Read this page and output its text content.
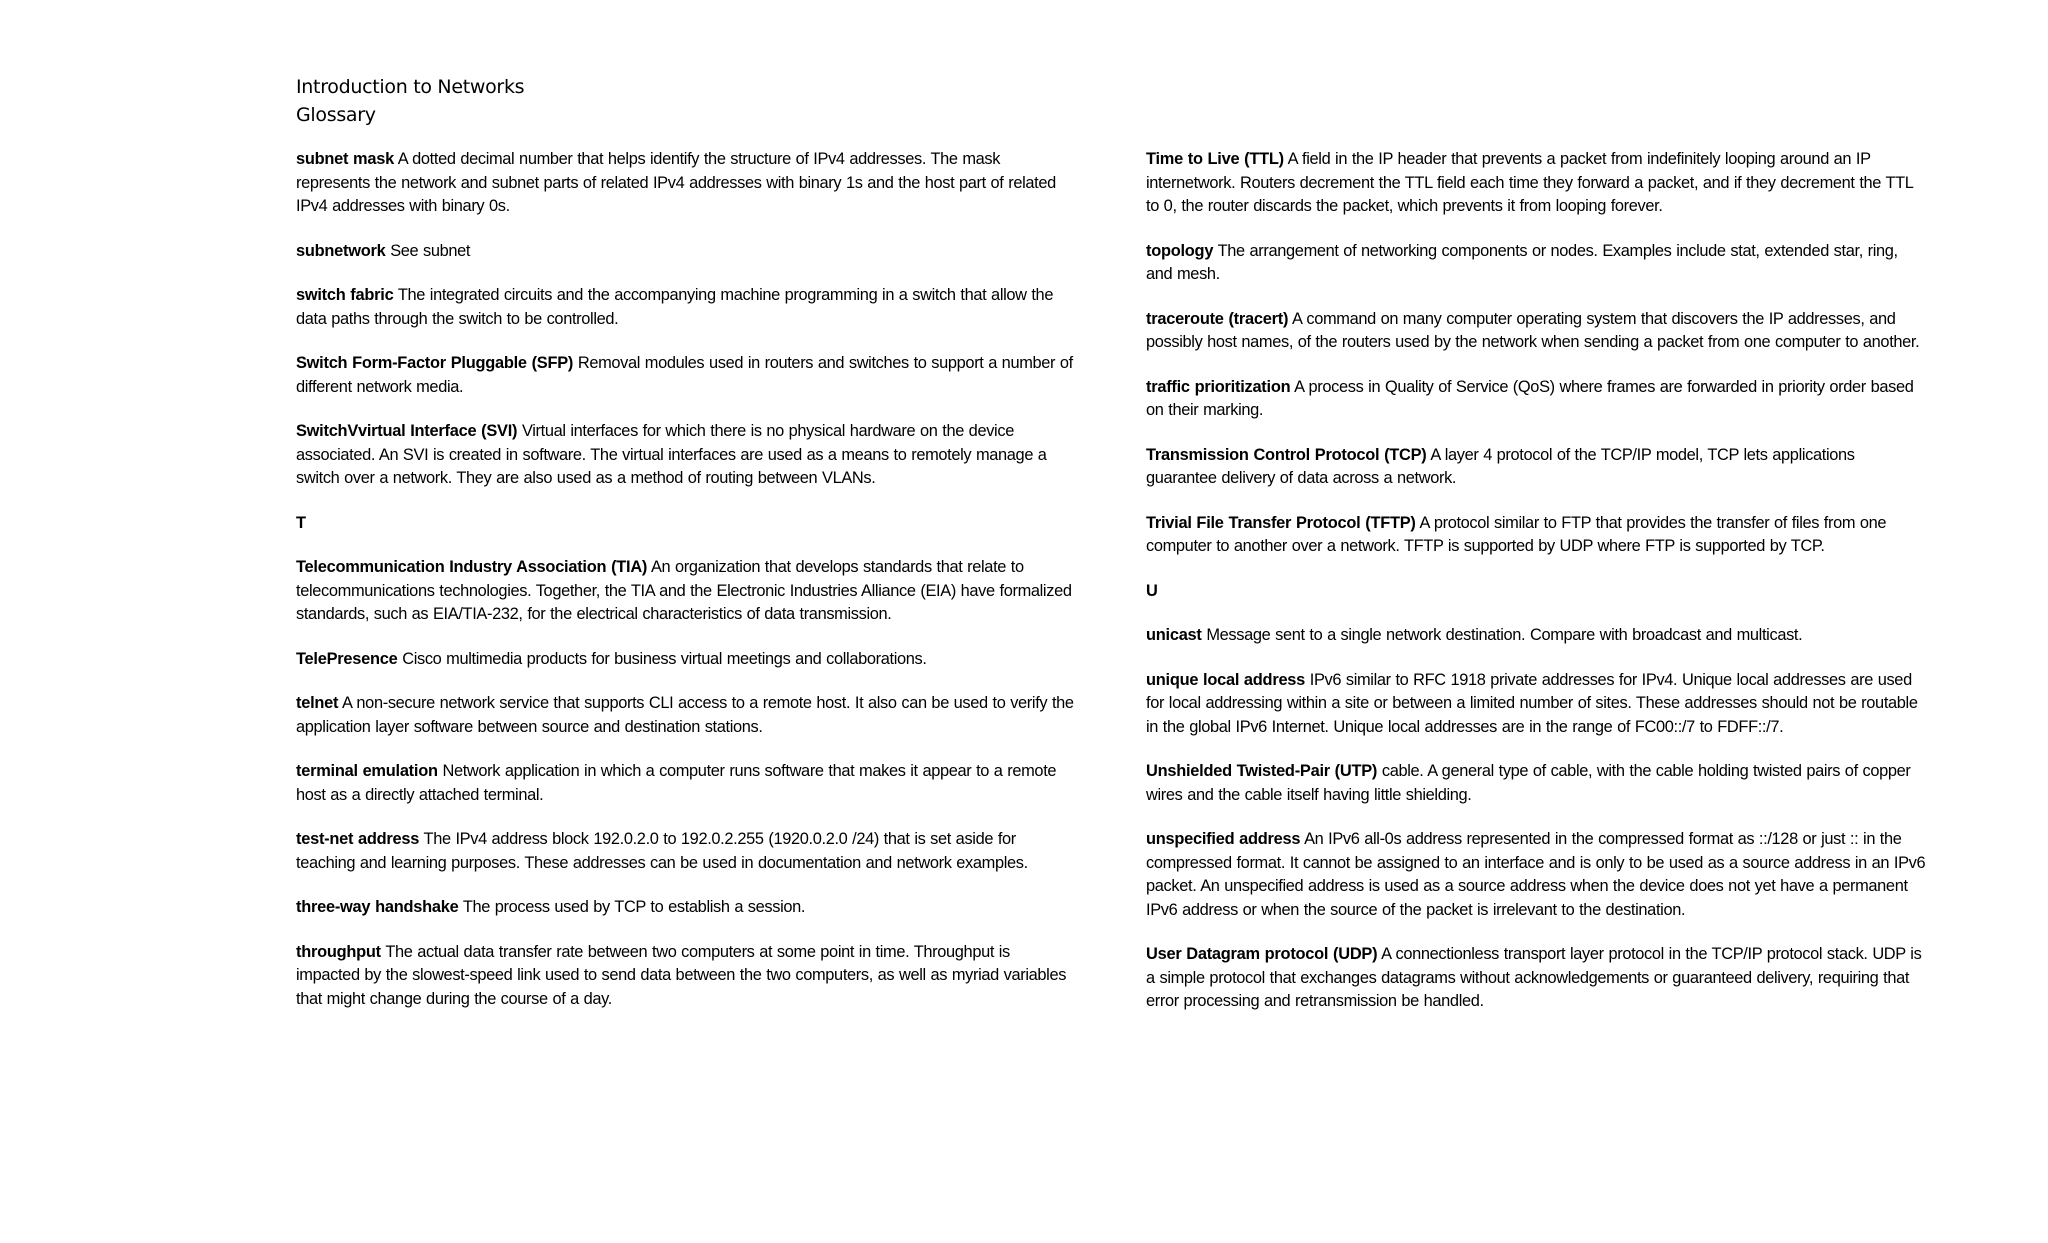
Introduction to Networks
Glossary

subnet mask A dotted decimal number that helps identify the structure of IPv4 addresses. The mask represents the network and subnet parts of related IPv4 addresses with binary 1s and the host part of related IPv4 addresses with binary 0s.

subnetwork See subnet

switch fabric The integrated circuits and the accompanying machine programming in a switch that allow the data paths through the switch to be controlled.

Switch Form-Factor Pluggable (SFP) Removal modules used in routers and switches to support a number of different network media.

SwitchVvirtual Interface (SVI) Virtual interfaces for which there is no physical hardware on the device associated. An SVI is created in software. The virtual interfaces are used as a means to remotely manage a switch over a network. They are also used as a method of routing between VLANs.

T

Telecommunication Industry Association (TIA) An organization that develops standards that relate to telecommunications technologies. Together, the TIA and the Electronic Industries Alliance (EIA) have formalized standards, such as EIA/TIA-232, for the electrical characteristics of data transmission.

TelePresence Cisco multimedia products for business virtual meetings and collaborations.

telnet A non-secure network service that supports CLI access to a remote host. It also can be used to verify the application layer software between source and destination stations.

terminal emulation Network application in which a computer runs software that makes it appear to a remote host as a directly attached terminal.

test-net address The IPv4 address block 192.0.2.0 to 192.0.2.255 (1920.0.2.0 /24) that is set aside for teaching and learning purposes. These addresses can be used in documentation and network examples.

three-way handshake The process used by TCP to establish a session.

throughput The actual data transfer rate between two computers at some point in time. Throughput is impacted by the slowest-speed link used to send data between the two computers, as well as myriad variables that might change during the course of a day.

Time to Live (TTL) A field in the IP header that prevents a packet from indefinitely looping around an IP internetwork. Routers decrement the TTL field each time they forward a packet, and if they decrement the TTL to 0, the router discards the packet, which prevents it from looping forever.

topology The arrangement of networking components or nodes. Examples include stat, extended star, ring, and mesh.

traceroute (tracert) A command on many computer operating system that discovers the IP addresses, and possibly host names, of the routers used by the network when sending a packet from one computer to another.

traffic prioritization A process in Quality of Service (QoS) where frames are forwarded in priority order based on their marking.

Transmission Control Protocol (TCP) A layer 4 protocol of the TCP/IP model, TCP lets applications guarantee delivery of data across a network.

Trivial File Transfer Protocol (TFTP) A protocol similar to FTP that provides the transfer of files from one computer to another over a network. TFTP is supported by UDP where FTP is supported by TCP.

U

unicast Message sent to a single network destination. Compare with broadcast and multicast.

unique local address IPv6 similar to RFC 1918 private addresses for IPv4. Unique local addresses are used for local addressing within a site or between a limited number of sites. These addresses should not be routable in the global IPv6 Internet. Unique local addresses are in the range of FC00::/7 to FDFF::/7.

Unshielded Twisted-Pair (UTP) cable. A general type of cable, with the cable holding twisted pairs of copper wires and the cable itself having little shielding.

unspecified address An IPv6 all-0s address represented in the compressed format as ::/128 or just :: in the compressed format. It cannot be assigned to an interface and is only to be used as a source address in an IPv6 packet. An unspecified address is used as a source address when the device does not yet have a permanent IPv6 address or when the source of the packet is irrelevant to the destination.

User Datagram protocol (UDP) A connectionless transport layer protocol in the TCP/IP protocol stack. UDP is a simple protocol that exchanges datagrams without acknowledgements or guaranteed delivery, requiring that error processing and retransmission be handled.
